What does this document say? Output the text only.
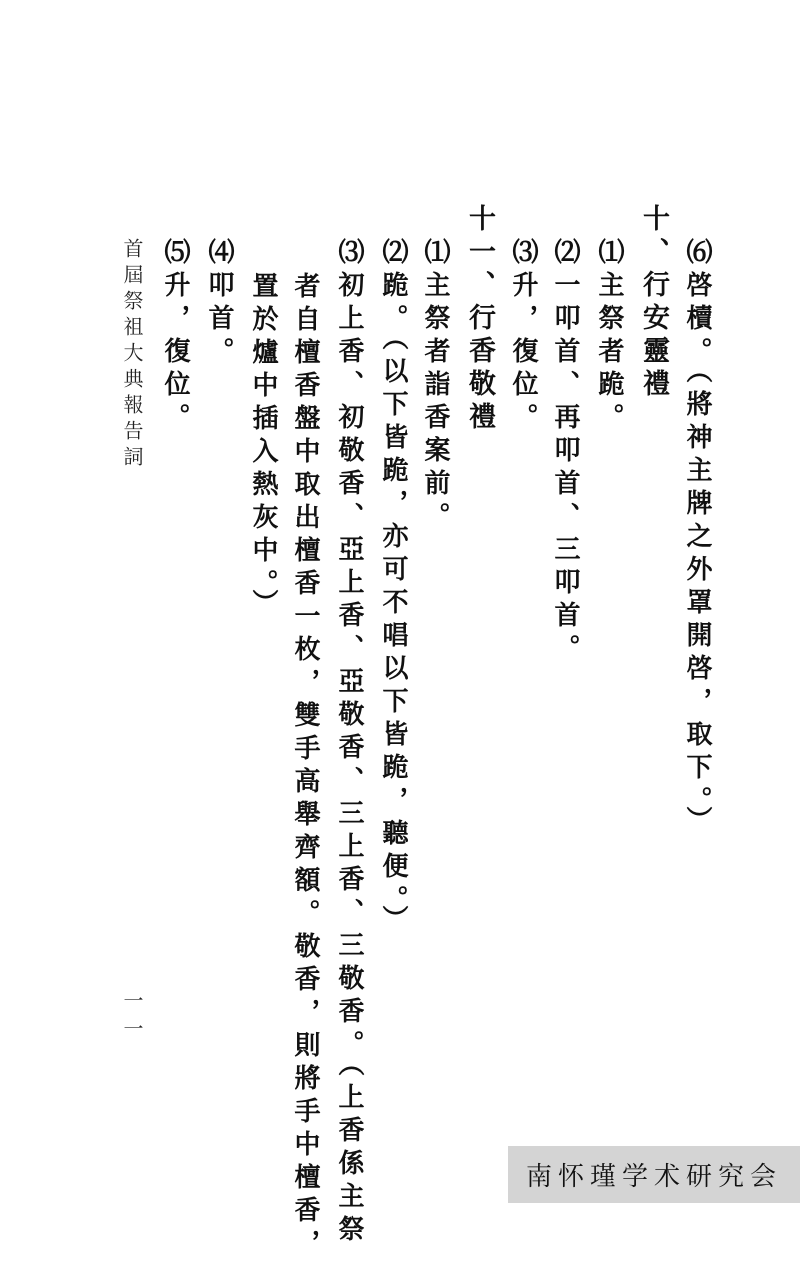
⑹啓櫝。（將神主牌之外罩開啓，取下。）
十、行安靈禮
⑴主祭者跪。
⑵一叩首、再叩首、三叩首。
⑶升，復位。
十一、行香敬禮
⑴主祭者詣香案前。
⑵跪。（以下皆跪，亦可不唱以下皆跪，聽便。）
⑶初上香、初敬香、亞上香、亞敬香、三上香、三敬香。（上香係主祭
者自檀香盤中取出檀香一枚，雙手高舉齊額。敬香，則將手中檀香，
置於爐中插入熱灰中。）
⑷叩首。
⑸升，復位。
首屆祭祖大典報告詞
一一
南怀瑾学术研究会
